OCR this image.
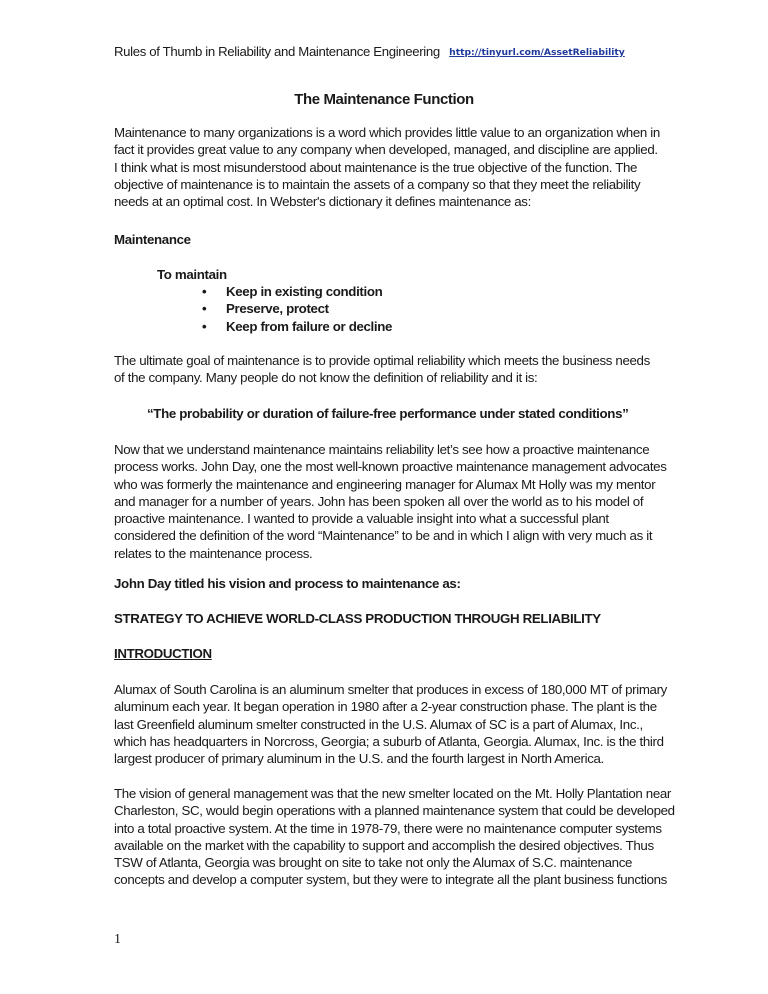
Rules of Thumb in Reliability and Maintenance Engineering http://tinyurl.com/AssetReliability
The Maintenance Function
Maintenance to many organizations is a word which provides little value to an organization when in
fact it provides great value to any company when developed, managed, and discipline are applied.
I think what is most misunderstood about maintenance is the true objective of the function. The
objective of maintenance is to maintain the assets of a company so that they meet the reliability
needs at an optimal cost. In Webster's dictionary it defines maintenance as:
Maintenance
To maintain
• Keep in existing condition
• Preserve, protect
• Keep from failure or decline
The ultimate goal of maintenance is to provide optimal reliability which meets the business needs
of the company. Many people do not know the definition of reliability and it is:
“The probability or duration of failure-free performance under stated conditions”
Now that we understand maintenance maintains reliability let’s see how a proactive maintenance
process works. John Day, one the most well-known proactive maintenance management advocates
who was formerly the maintenance and engineering manager for Alumax Mt Holly was my mentor
and manager for a number of years. John has been spoken all over the world as to his model of
proactive maintenance. I wanted to provide a valuable insight into what a successful plant
considered the definition of the word “Maintenance” to be and in which I align with very much as it
relates to the maintenance process.
John Day titled his vision and process to maintenance as:
STRATEGY TO ACHIEVE WORLD-CLASS PRODUCTION THROUGH RELIABILITY
INTRODUCTION
Alumax of South Carolina is an aluminum smelter that produces in excess of 180,000 MT of primary
aluminum each year. It began operation in 1980 after a 2-year construction phase. The plant is the
last Greenfield aluminum smelter constructed in the U.S. Alumax of SC is a part of Alumax, Inc.,
which has headquarters in Norcross, Georgia; a suburb of Atlanta, Georgia. Alumax, Inc. is the third
largest producer of primary aluminum in the U.S. and the fourth largest in North America.
The vision of general management was that the new smelter located on the Mt. Holly Plantation near
Charleston, SC, would begin operations with a planned maintenance system that could be developed
into a total proactive system. At the time in 1978-79, there were no maintenance computer systems
available on the market with the capability to support and accomplish the desired objectives. Thus
TSW of Atlanta, Georgia was brought on site to take not only the Alumax of S.C. maintenance
concepts and develop a computer system, but they were to integrate all the plant business functions
1
